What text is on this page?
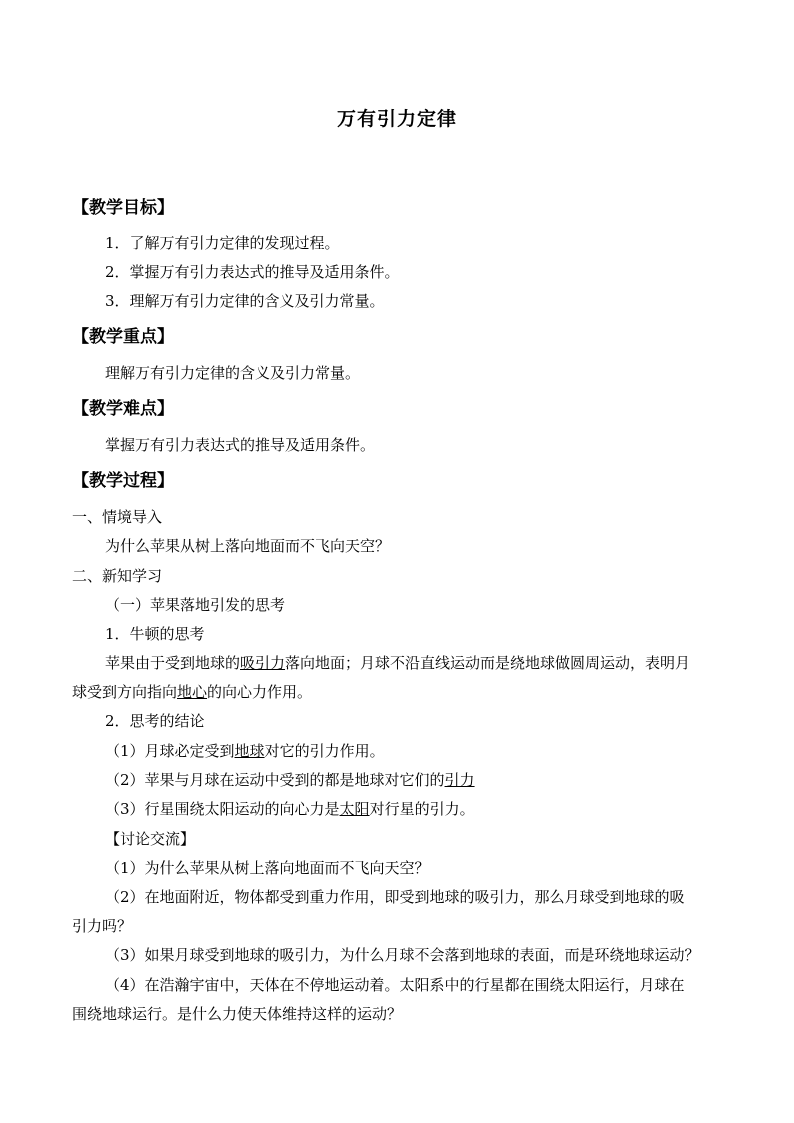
万有引力定律
【教学目标】
1．了解万有引力定律的发现过程。
2．掌握万有引力表达式的推导及适用条件。
3．理解万有引力定律的含义及引力常量。
【教学重点】
理解万有引力定律的含义及引力常量。
【教学难点】
掌握万有引力表达式的推导及适用条件。
【教学过程】
一、情境导入
为什么苹果从树上落向地面而不飞向天空？
二、新知学习
（一）苹果落地引发的思考
1．牛顿的思考
苹果由于受到地球的吸引力落向地面；月球不沿直线运动而是绕地球做圆周运动，表明月
球受到方向指向地心的向心力作用。
2．思考的结论
（1）月球必定受到地球对它的引力作用。
（2）苹果与月球在运动中受到的都是地球对它们的引力
（3）行星围绕太阳运动的向心力是太阳对行星的引力。
【讨论交流】
（1）为什么苹果从树上落向地面而不飞向天空？
（2）在地面附近，物体都受到重力作用，即受到地球的吸引力，那么月球受到地球的吸
引力吗？
（3）如果月球受到地球的吸引力，为什么月球不会落到地球的表面，而是环绕地球运动？
（4）在浩瀚宇宙中，天体在不停地运动着。太阳系中的行星都在围绕太阳运行，月球在
围绕地球运行。是什么力使天体维持这样的运动？
